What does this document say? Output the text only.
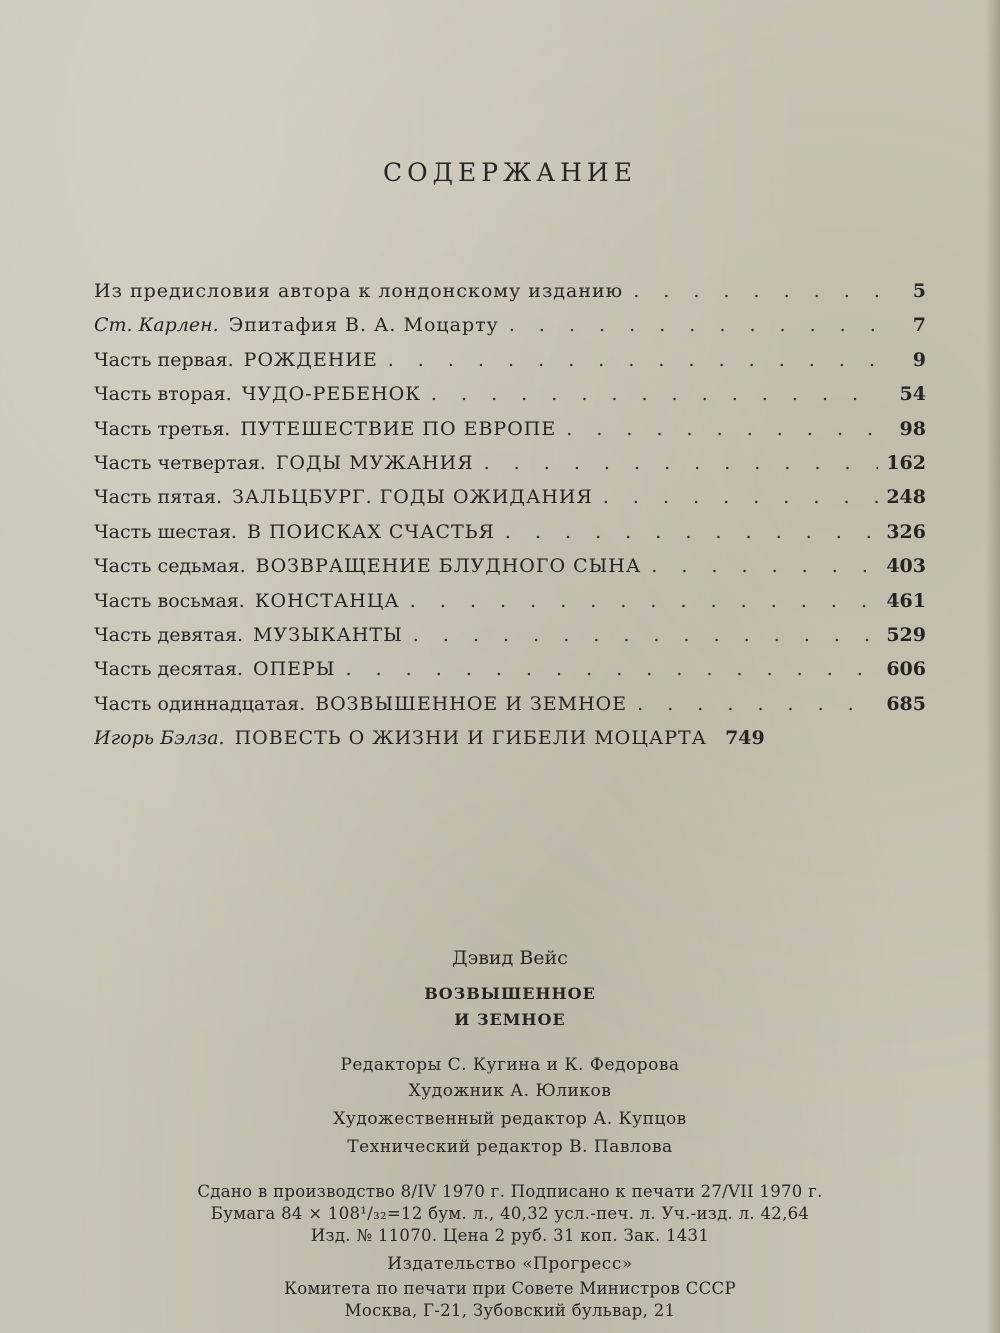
СОДЕРЖАНИЕ
Из предисловия автора к лондонскому изданию . . .	5
Ст. Карлен. Эпитафия В. А. Моцарту . . .	7
Часть первая. РОЖДЕНИЕ . . .	9
Часть вторая. ЧУДО-РЕБЕНОК . . .	54
Часть третья. ПУТЕШЕСТВИЕ ПО ЕВРОПЕ . . .	98
Часть четвертая. ГОДЫ МУЖАНИЯ . . .	162
Часть пятая. ЗАЛЬЦБУРГ. ГОДЫ ОЖИДАНИЯ . . .	248
Часть шестая. В ПОИСКАХ СЧАСТЬЯ . . .	326
Часть седьмая. ВОЗВРАЩЕНИЕ БЛУДНОГО СЫНА . . .	403
Часть восьмая. КОНСТАНЦА . . .	461
Часть девятая. МУЗЫКАНТЫ . . .	529
Часть десятая. ОПЕРЫ . . .	606
Часть одиннадцатая. ВОЗВЫШЕННОЕ И ЗЕМНОЕ . . .	685
Игорь Бэлза. ПОВЕСТЬ О ЖИЗНИ И ГИБЕЛИ МОЦАРТА 749
Дэвид Вейс
ВОЗВЫШЕННОЕ
И ЗЕМНОЕ
Редакторы С. Кугина и К. Федорова
Художник А. Юликов
Художественный редактор А. Купцов
Технический редактор В. Павлова
Сдано в производство 8/IV 1970 г. Подписано к печати 27/VII 1970 г.
Бумага 84 × 108¹/₃₂=12 бум. л., 40,32 усл.-печ. л. Уч.-изд. л. 42,64
Изд. № 11070. Цена 2 руб. 31 коп. Зак. 1431
Издательство «Прогресс»
Комитета по печати при Совете Министров СССР
Москва, Г-21, Зубовский бульвар, 21
